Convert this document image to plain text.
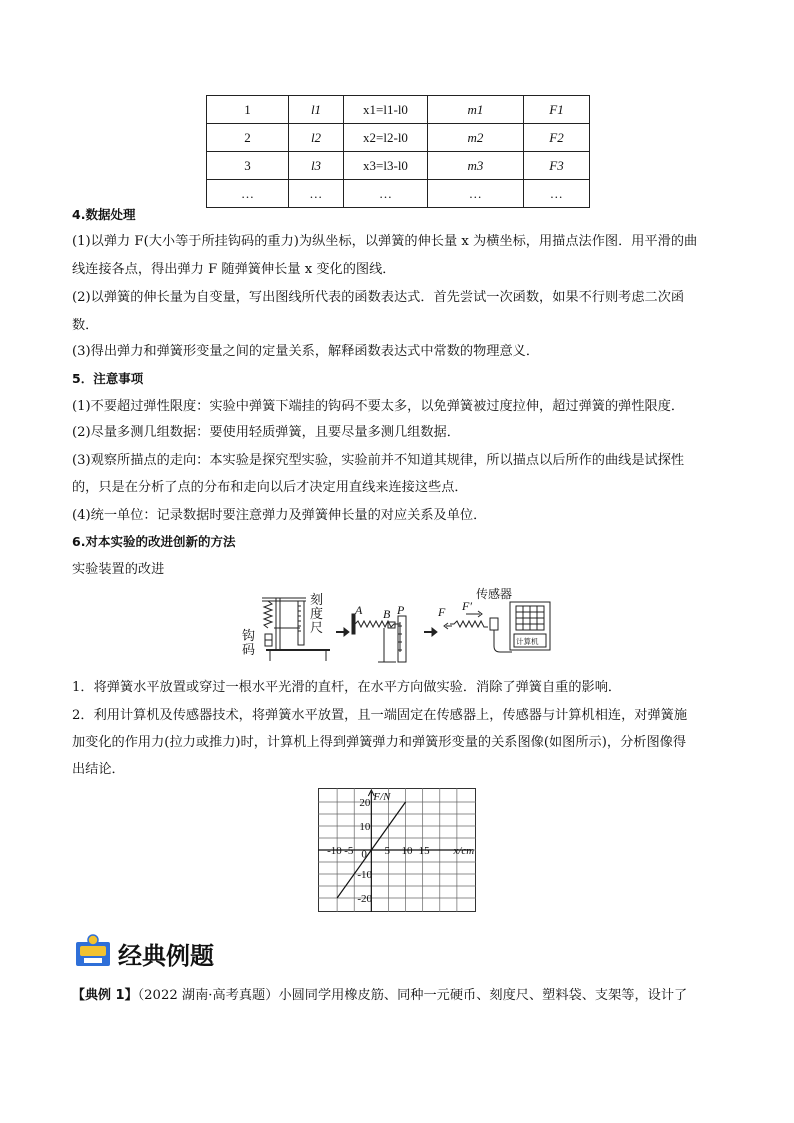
1	l1	x1=l1-l0	m1	F1
2	l2	x2=l2-l0	m2	F2
3	l3	x3=l3-l0	m3	F3
…	…	…	…	…
4.数据处理
(1)以弹力 F(大小等于所挂钩码的重力)为纵坐标，以弹簧的伸长量 x 为横坐标，用描点法作图．用平滑的曲
线连接各点，得出弹力 F 随弹簧伸长量 x 变化的图线．
(2)以弹簧的伸长量为自变量，写出图线所代表的函数表达式．首先尝试一次函数，如果不行则考虑二次函
数．
(3)得出弹力和弹簧形变量之间的定量关系，解释函数表达式中常数的物理意义．
5．注意事项
(1)不要超过弹性限度：实验中弹簧下端挂的钩码不要太多，以免弹簧被过度拉伸，超过弹簧的弹性限度．
(2)尽量多测几组数据：要使用轻质弹簧，且要尽量多测几组数据．
(3)观察所描点的走向：本实验是探究型实验，实验前并不知道其规律，所以描点以后所作的曲线是试探性
的，只是在分析了点的分布和走向以后才决定用直线来连接这些点．
(4)统一单位：记录数据时要注意弹力及弹簧伸长量的对应关系及单位．
6.对本实验的改进创新的方法
实验装置的改进
刻
度
尺
钩
码
A B P	F F′
传感器
计算机
1．将弹簧水平放置或穿过一根水平光滑的直杆，在水平方向做实验．消除了弹簧自重的影响．
2．利用计算机及传感器技术，将弹簧水平放置，且一端固定在传感器上，传感器与计算机相连，对弹簧施
加变化的作用力(拉力或推力)时，计算机上得到弹簧弹力和弹簧形变量的关系图像(如图所示)，分析图像得
出结论．
x/cm
F/N
-10 -5	5 10 15
20
10
0
-10
-20
经典例题
【典例 1】（2022 湖南·高考真题）小圆同学用橡皮筋、同种一元硬币、刻度尺、塑料袋、支架等，设计了
